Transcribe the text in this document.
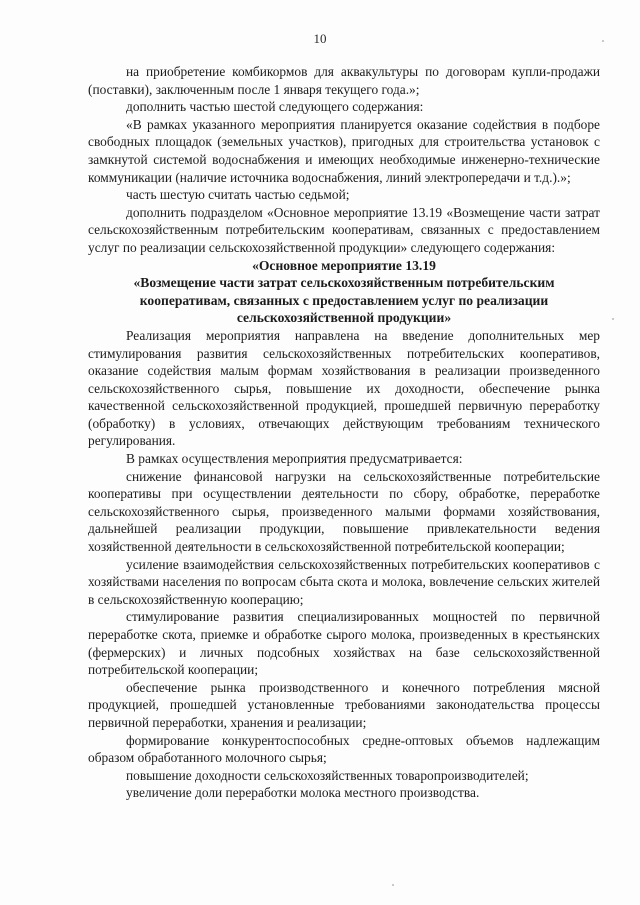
10

на приобретение комбикормов для аквакультуры по договорам купли-продажи (поставки), заключенным после 1 января текущего года.»;

дополнить частью шестой следующего содержания:

«В рамках указанного мероприятия планируется оказание содействия в подборе свободных площадок (земельных участков), пригодных для строительства установок с замкнутой системой водоснабжения и имеющих необходимые инженерно-технические коммуникации (наличие источника водоснабжения, линий электропередачи и т.д.).»;

часть шестую считать частью седьмой;

дополнить подразделом «Основное мероприятие 13.19 «Возмещение части затрат сельскохозяйственным потребительским кооперативам, связанных с предоставлением услуг по реализации сельскохозяйственной продукции» следующего содержания:

«Основное мероприятие 13.19

«Возмещение части затрат сельскохозяйственным потребительским кооперативам, связанных с предоставлением услуг по реализации сельскохозяйственной продукции»

Реализация мероприятия направлена на введение дополнительных мер стимулирования развития сельскохозяйственных потребительских кооперативов, оказание содействия малым формам хозяйствования в реализации произведенного сельскохозяйственного сырья, повышение их доходности, обеспечение рынка качественной сельскохозяйственной продукцией, прошедшей первичную переработку (обработку) в условиях, отвечающих действующим требованиям технического регулирования.

В рамках осуществления мероприятия предусматривается:

снижение финансовой нагрузки на сельскохозяйственные потребительские кооперативы при осуществлении деятельности по сбору, обработке, переработке сельскохозяйственного сырья, произведенного малыми формами хозяйствования, дальнейшей реализации продукции, повышение привлекательности ведения хозяйственной деятельности в сельскохозяйственной потребительской кооперации;

усиление взаимодействия сельскохозяйственных потребительских кооперативов с хозяйствами населения по вопросам сбыта скота и молока, вовлечение сельских жителей в сельскохозяйственную кооперацию;

стимулирование развития специализированных мощностей по первичной переработке скота, приемке и обработке сырого молока, произведенных в крестьянских (фермерских) и личных подсобных хозяйствах на базе сельскохозяйственной потребительской кооперации;

обеспечение рынка производственного и конечного потребления мясной продукцией, прошедшей установленные требованиями законодательства процессы первичной переработки, хранения и реализации;

формирование конкурентоспособных средне-оптовых объемов надлежащим образом обработанного молочного сырья;

повышение доходности сельскохозяйственных товаропроизводителей;

увеличение доли переработки молока местного производства.
